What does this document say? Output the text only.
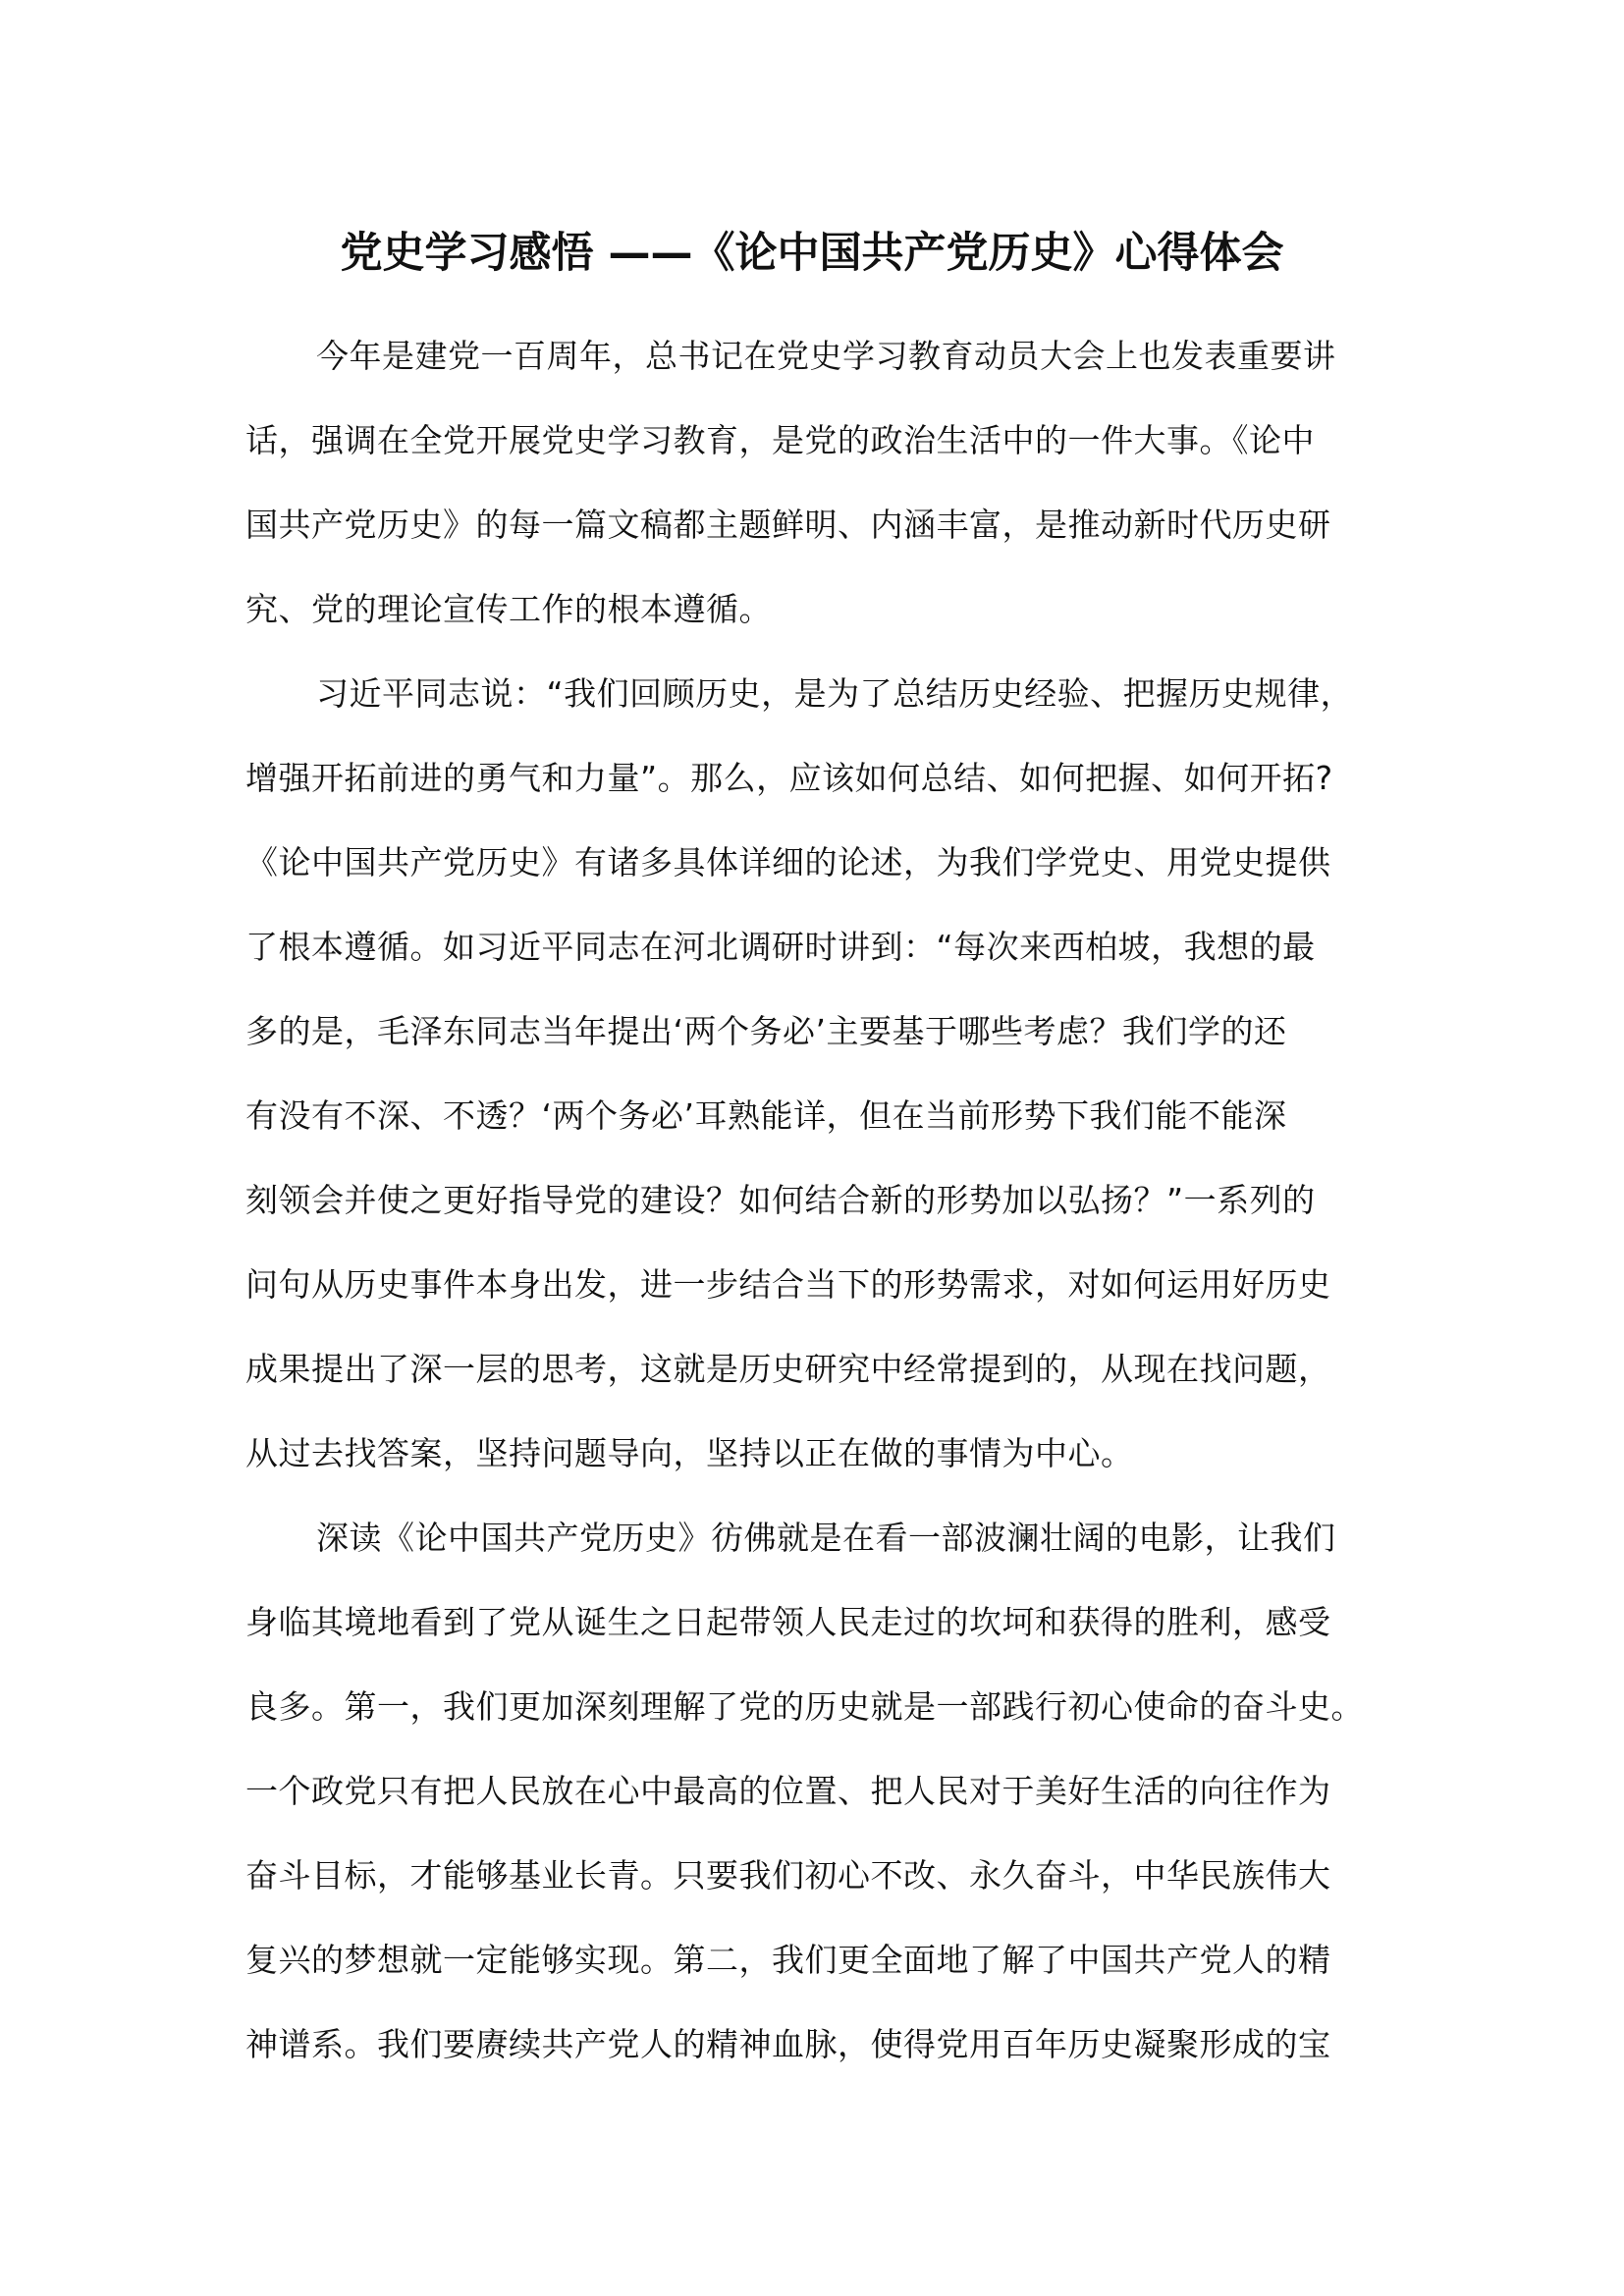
党史学习感悟 ——《论中国共产党历史》心得体会
今年是建党一百周年，总书记在党史学习教育动员大会上也发表重要讲
话，强调在全党开展党史学习教育，是党的政治生活中的一件大事。《论中
国共产党历史》的每一篇文稿都主题鲜明、内涵丰富，是推动新时代历史研
究、党的理论宣传工作的根本遵循。
习近平同志说：“我们回顾历史，是为了总结历史经验、把握历史规律，
增强开拓前进的勇气和力量”。那么，应该如何总结、如何把握、如何开拓?
《论中国共产党历史》有诸多具体详细的论述，为我们学党史、用党史提供
了根本遵循。如习近平同志在河北调研时讲到：“每次来西柏坡，我想的最
多的是，毛泽东同志当年提出‘两个务必’主要基于哪些考虑？我们学的还
有没有不深、不透？‘两个务必’耳熟能详，但在当前形势下我们能不能深
刻领会并使之更好指导党的建设？如何结合新的形势加以弘扬？”一系列的
问句从历史事件本身出发，进一步结合当下的形势需求，对如何运用好历史
成果提出了深一层的思考，这就是历史研究中经常提到的，从现在找问题，
从过去找答案，坚持问题导向，坚持以正在做的事情为中心。
深读《论中国共产党历史》彷佛就是在看一部波澜壮阔的电影，让我们
身临其境地看到了党从诞生之日起带领人民走过的坎坷和获得的胜利，感受
良多。第一，我们更加深刻理解了党的历史就是一部践行初心使命的奋斗史。
一个政党只有把人民放在心中最高的位置、把人民对于美好生活的向往作为
奋斗目标，才能够基业长青。只要我们初心不改、永久奋斗，中华民族伟大
复兴的梦想就一定能够实现。第二，我们更全面地了解了中国共产党人的精
神谱系。我们要赓续共产党人的精神血脉，使得党用百年历史凝聚形成的宝
